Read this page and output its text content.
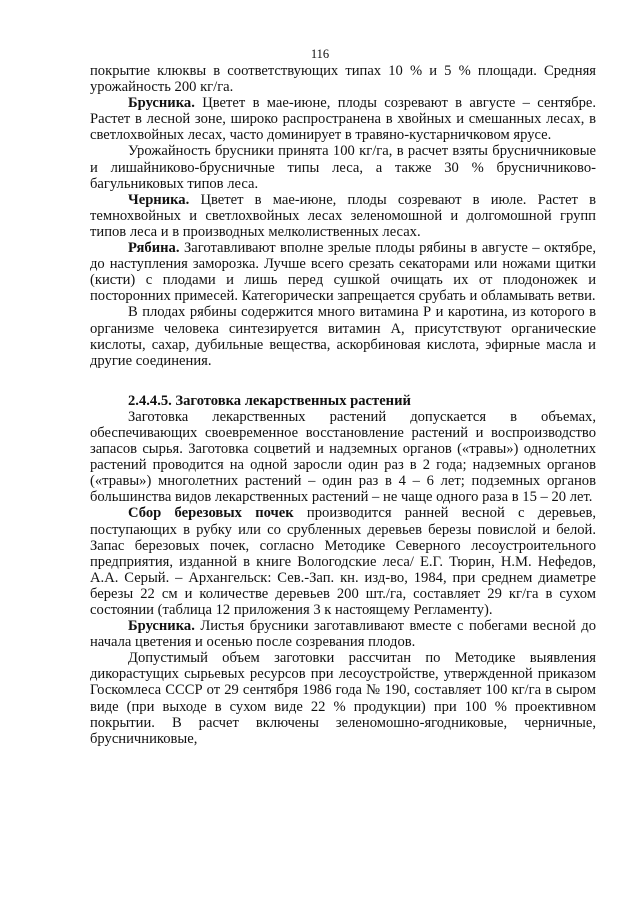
116

покрытие клюквы в соответствующих типах 10 % и 5 % площади. Средняя урожайность 200 кг/га.

Брусника. Цветет в мае-июне, плоды созревают в августе – сентябре. Растет в лесной зоне, широко распространена в хвойных и смешанных лесах, в светлохвойных лесах, часто доминирует в травяно-кустарничковом ярусе.

Урожайность брусники принята 100 кг/га, в расчет взяты брусничниковые и лишайниково-брусничные типы леса, а также 30 % брусничниково-багульниковых типов леса.

Черника. Цветет в мае-июне, плоды созревают в июле. Растет в темнохвойных и светлохвойных лесах зеленомошной и долгомошной групп типов леса и в производных мелколиственных лесах.

Рябина. Заготавливают вполне зрелые плоды рябины в августе – октябре, до наступления заморозка. Лучше всего срезать секаторами или ножами щитки (кисти) с плодами и лишь перед сушкой очищать их от плодоножек и посторонних примесей. Категорически запрещается срубать и обламывать ветви.

В плодах рябины содержится много витамина Р и каротина, из которого в организме человека синтезируется витамин А, присутствуют органические кислоты, сахар, дубильные вещества, аскорбиновая кислота, эфирные масла и другие соединения.

2.4.4.5. Заготовка лекарственных растений

Заготовка лекарственных растений допускается в объемах, обеспечивающих своевременное восстановление растений и воспроизводство запасов сырья. Заготовка соцветий и надземных органов («травы») однолетних растений проводится на одной заросли один раз в 2 года; надземных органов («травы») многолетних растений – один раз в 4 – 6 лет; подземных органов большинства видов лекарственных растений – не чаще одного раза в 15 – 20 лет.

Сбор березовых почек производится ранней весной с деревьев, поступающих в рубку или со срубленных деревьев березы повислой и белой. Запас березовых почек, согласно Методике Северного лесоустроительного предприятия, изданной в книге Вологодские леса/ Е.Г. Тюрин, Н.М. Нефедов, А.А. Серый. – Архангельск: Сев.-Зап. кн. изд-во, 1984, при среднем диаметре березы 22 см и количестве деревьев 200 шт./га, составляет 29 кг/га в сухом состоянии (таблица 12 приложения 3 к настоящему Регламенту).

Брусника. Листья брусники заготавливают вместе с побегами весной до начала цветения и осенью после созревания плодов.

Допустимый объем заготовки рассчитан по Методике выявления дикорастущих сырьевых ресурсов при лесоустройстве, утвержденной приказом Госкомлеса СССР от 29 сентября 1986 года № 190, составляет 100 кг/га в сыром виде (при выходе в сухом виде 22 % продукции) при 100 % проективном покрытии. В расчет включены зеленомошно-ягодниковые, черничные, брусничниковые,
